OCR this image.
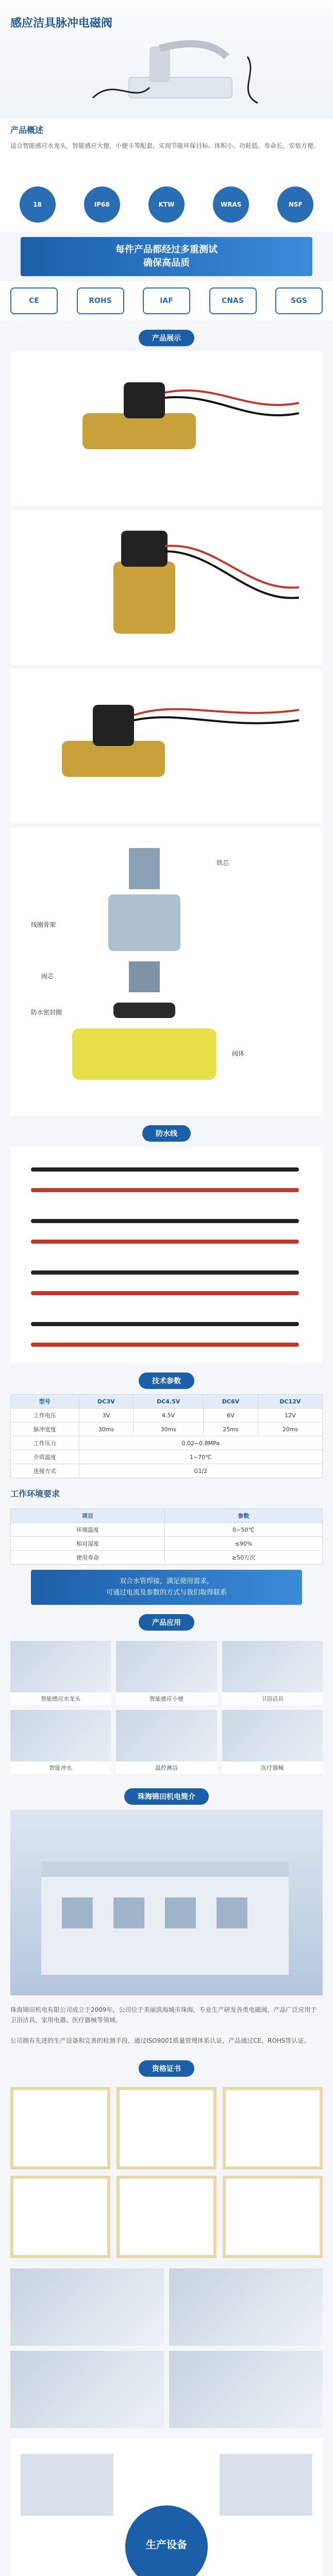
感应洁具脉冲电磁阀
产品概述
适合智能感应水龙头，智能感应大便，小便斗等配套，实现节能环保目标。体积小，功耗低，寿命长，安装方便。
18	IP68	KTW	WRAS	NSF
每件产品都经过多重测试
确保高品质
CE	ROHS	IAF	CNAS	SGS
产品展示
铁芯
线圈骨架
阀芯
防水密封圈
阀体
防水线
技术参数
型号	DC3V	DC4.5V	DC6V	DC12V
工作电压	3V	4.5V	6V	12V
脉冲宽度	30ms	30ms	25ms	20ms
工作压力	0.02~0.8MPa			
介质温度	1~70℃			
连接方式	G1/2			
工作环境要求
项目	参数
环境温度	0~50℃
相对湿度	≤90%
使用寿命	≥50万次
双合水管焊接，满足使用需求，
可通过电流及参数的方式与我们取得联系
产品应用
智能感应水龙头	智能感应小便	卫浴洁具
智能冲水	温控淋浴	医疗器械
珠海锦田机电简介
珠海锦田机电有限公司成立于2009年，公司位于美丽滨海城市珠海，专业生产研发各类电磁阀，产品广泛应用于卫浴洁具、家用电器、医疗器械等领域。
公司拥有先进的生产设备和完善的检测手段，通过ISO9001质量管理体系认证，产品通过CE、ROHS等认证。
资格证书
生产设备
